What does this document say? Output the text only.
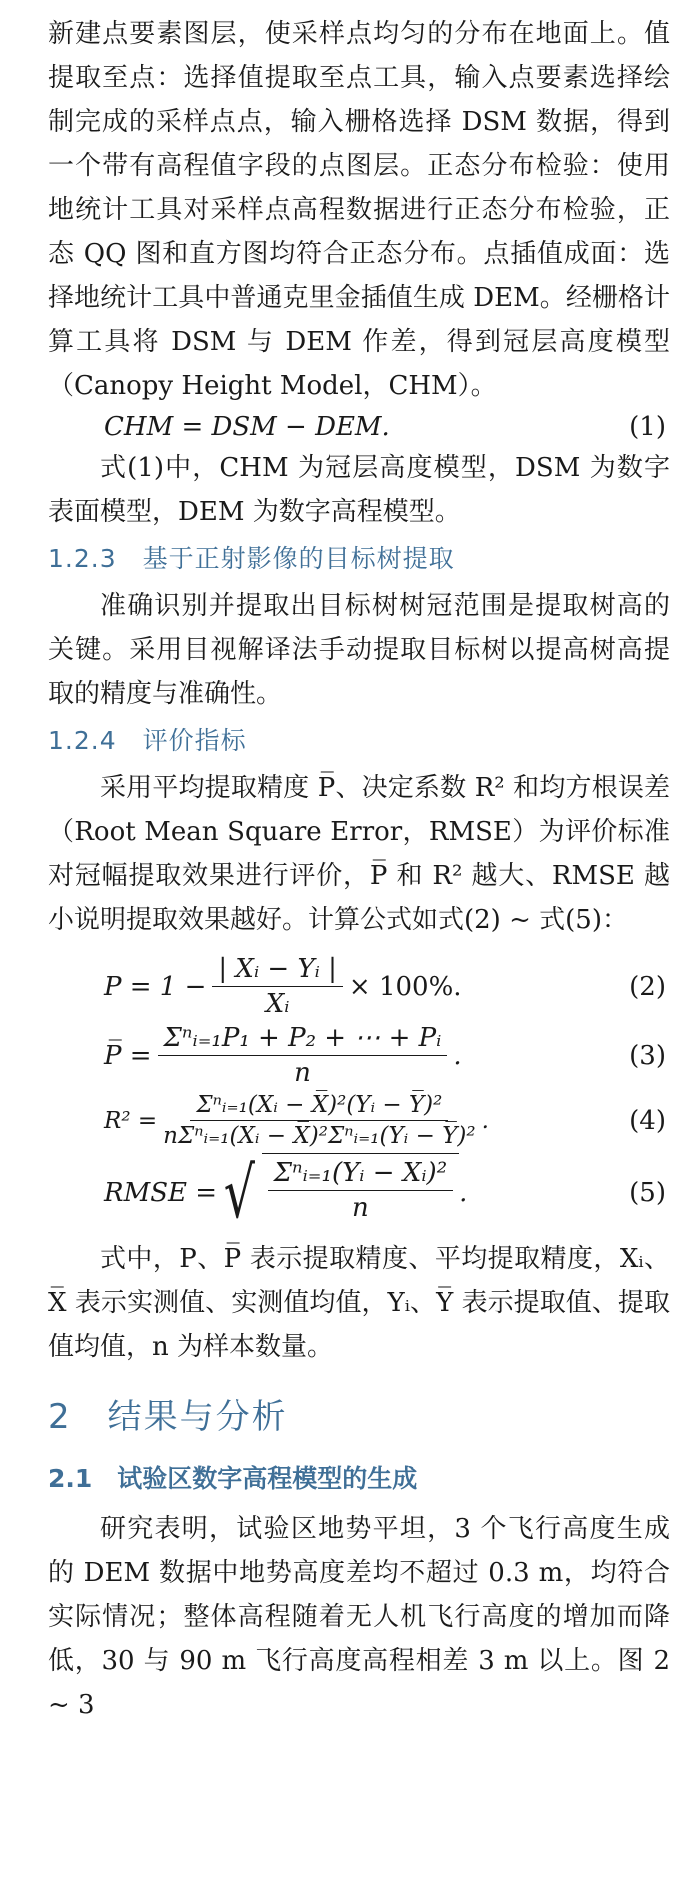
新建点要素图层，使采样点均匀的分布在地面上。值提取至点：选择值提取至点工具，输入点要素选择绘制完成的采样点点，输入栅格选择 DSM 数据，得到一个带有高程值字段的点图层。正态分布检验：使用地统计工具对采样点高程数据进行正态分布检验，正态 QQ 图和直方图均符合正态分布。点插值成面：选择地统计工具中普通克里金插值生成 DEM。经栅格计算工具将 DSM 与 DEM 作差，得到冠层高度模型（Canopy Height Model，CHM）。

CHM = DSM − DEM.	(1)

式(1)中，CHM 为冠层高度模型，DSM 为数字表面模型，DEM 为数字高程模型。

1.2.3　基于正射影像的目标树提取

准确识别并提取出目标树树冠范围是提取树高的关键。采用目视解译法手动提取目标树以提高树高提取的精度与准确性。

1.2.4　评价指标

采用平均提取精度 P̅、决定系数 R² 和均方根误差（Root Mean Square Error，RMSE）为评价标准对冠幅提取效果进行评价，P̅ 和 R² 越大、RMSE 越小说明提取效果越好。计算公式如式(2) ~ 式(5)：

$P = 1 - \frac{\text{| Xᵢ − Yᵢ |}}{\text{Xᵢ}} \times 100\%$.	(2)
P̅ = $\frac{\text{Σⁿᵢ₌₁P₁ + P₂ + ⋯ + Pᵢ}}{n}$ .	(3)
$R^2 = \frac{\text{Σⁿᵢ₌₁(Xᵢ − X̅)²(Yᵢ − Y̅)²}}{\text{nΣⁿᵢ₌₁(Xᵢ − X̅)²Σⁿᵢ₌₁(Yᵢ − Y̅)²}}$ .	(4)
RMSE = √ $\frac{\text{Σⁿᵢ₌₁(Yᵢ − Xᵢ)²}}{n}$ .	(5)

式中，P、P̅ 表示提取精度、平均提取精度，Xᵢ、X̅ 表示实测值、实测值均值，Yᵢ、Y̅ 表示提取值、提取值均值，n 为样本数量。

2　结果与分析
2.1　试验区数字高程模型的生成

研究表明，试验区地势平坦，3 个飞行高度生成的 DEM 数据中地势高度差均不超过 0.3 m，均符合实际情况；整体高程随着无人机飞行高度的增加而降低，30 与 90 m 飞行高度高程相差 3 m 以上。图 2 ~ 3
